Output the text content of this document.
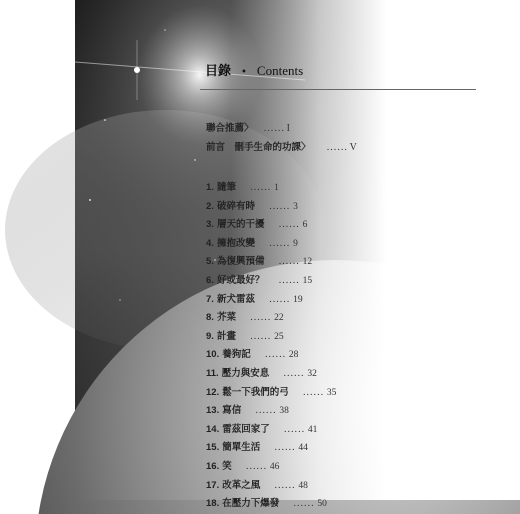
目錄 • Contents
聯合推薦〉 ...... I
前言　刪手生命的功課〉 ...... V
1. 隨筆 ...... 1
2. 破碎有時 ...... 3
3. 層天的干擾 ...... 6
4. 擁抱改變 ...... 9
5. 為復興預備 ...... 12
6. 好或最好？ ...... 15
7. 新犬雷茲 ...... 19
8. 芥菜 ...... 22
9. 計畫 ...... 25
10. 養狗記 ...... 28
11. 壓力與安息 ...... 32
12. 鬆一下我們的弓 ...... 35
13. 寫信 ...... 38
14. 雷茲回家了 ...... 41
15. 簡單生活 ...... 44
16. 笑 ...... 46
17. 改革之風 ...... 48
18. 在壓力下爆發 ...... 50
